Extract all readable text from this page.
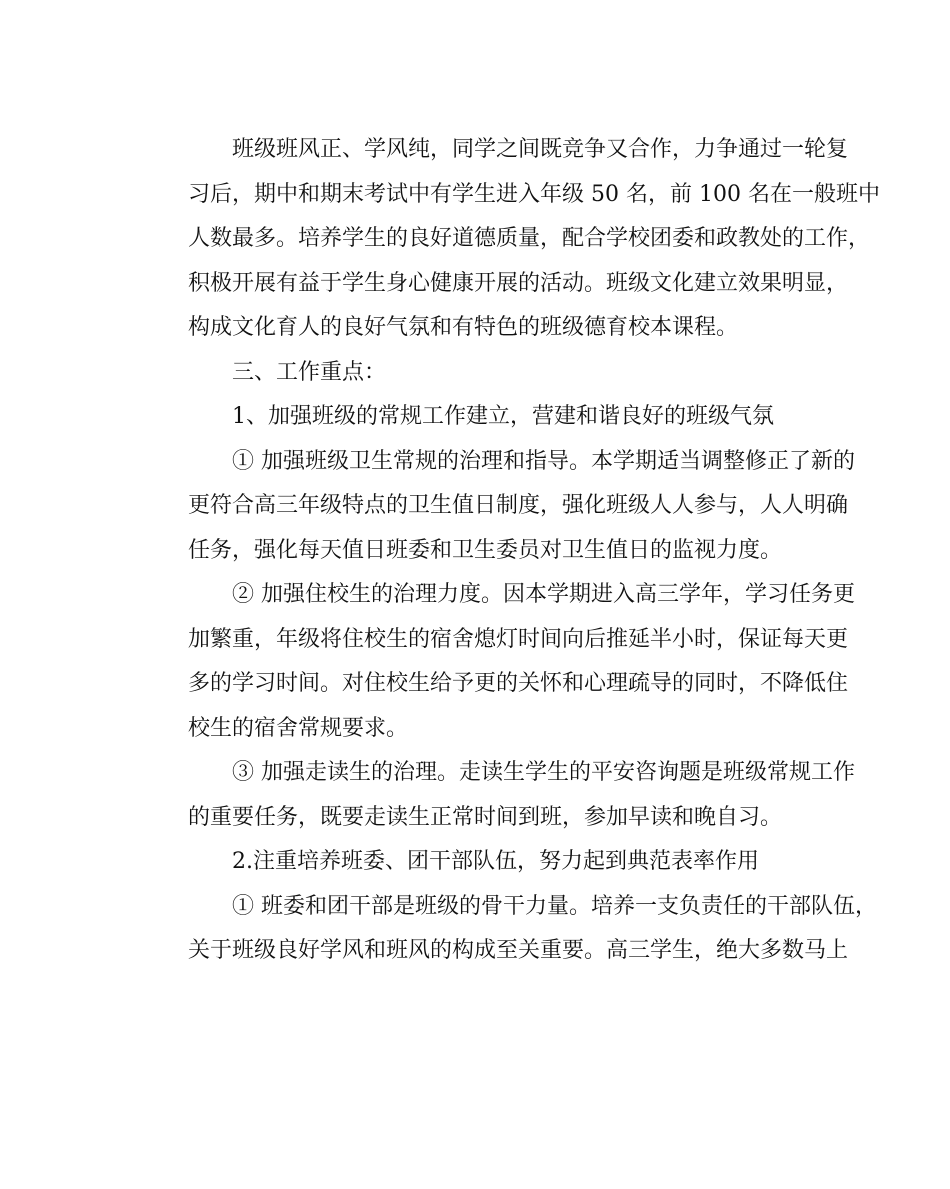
班级班风正、学风纯，同学之间既竞争又合作，力争通过一轮复
习后，期中和期末考试中有学生进入年级 50 名，前 100 名在一般班中
人数最多。培养学生的良好道德质量，配合学校团委和政教处的工作，
积极开展有益于学生身心健康开展的活动。班级文化建立效果明显，
构成文化育人的良好气氛和有特色的班级德育校本课程。
三、工作重点：
1、加强班级的常规工作建立，营建和谐良好的班级气氛
① 加强班级卫生常规的治理和指导。本学期适当调整修正了新的
更符合高三年级特点的卫生值日制度，强化班级人人参与，人人明确
任务，强化每天值日班委和卫生委员对卫生值日的监视力度。
② 加强住校生的治理力度。因本学期进入高三学年，学习任务更
加繁重，年级将住校生的宿舍熄灯时间向后推延半小时，保证每天更
多的学习时间。对住校生给予更的关怀和心理疏导的同时，不降低住
校生的宿舍常规要求。
③ 加强走读生的治理。走读生学生的平安咨询题是班级常规工作
的重要任务，既要走读生正常时间到班，参加早读和晚自习。
2.注重培养班委、团干部队伍，努力起到典范表率作用
① 班委和团干部是班级的骨干力量。培养一支负责任的干部队伍，
关于班级良好学风和班风的构成至关重要。高三学生，绝大多数马上
